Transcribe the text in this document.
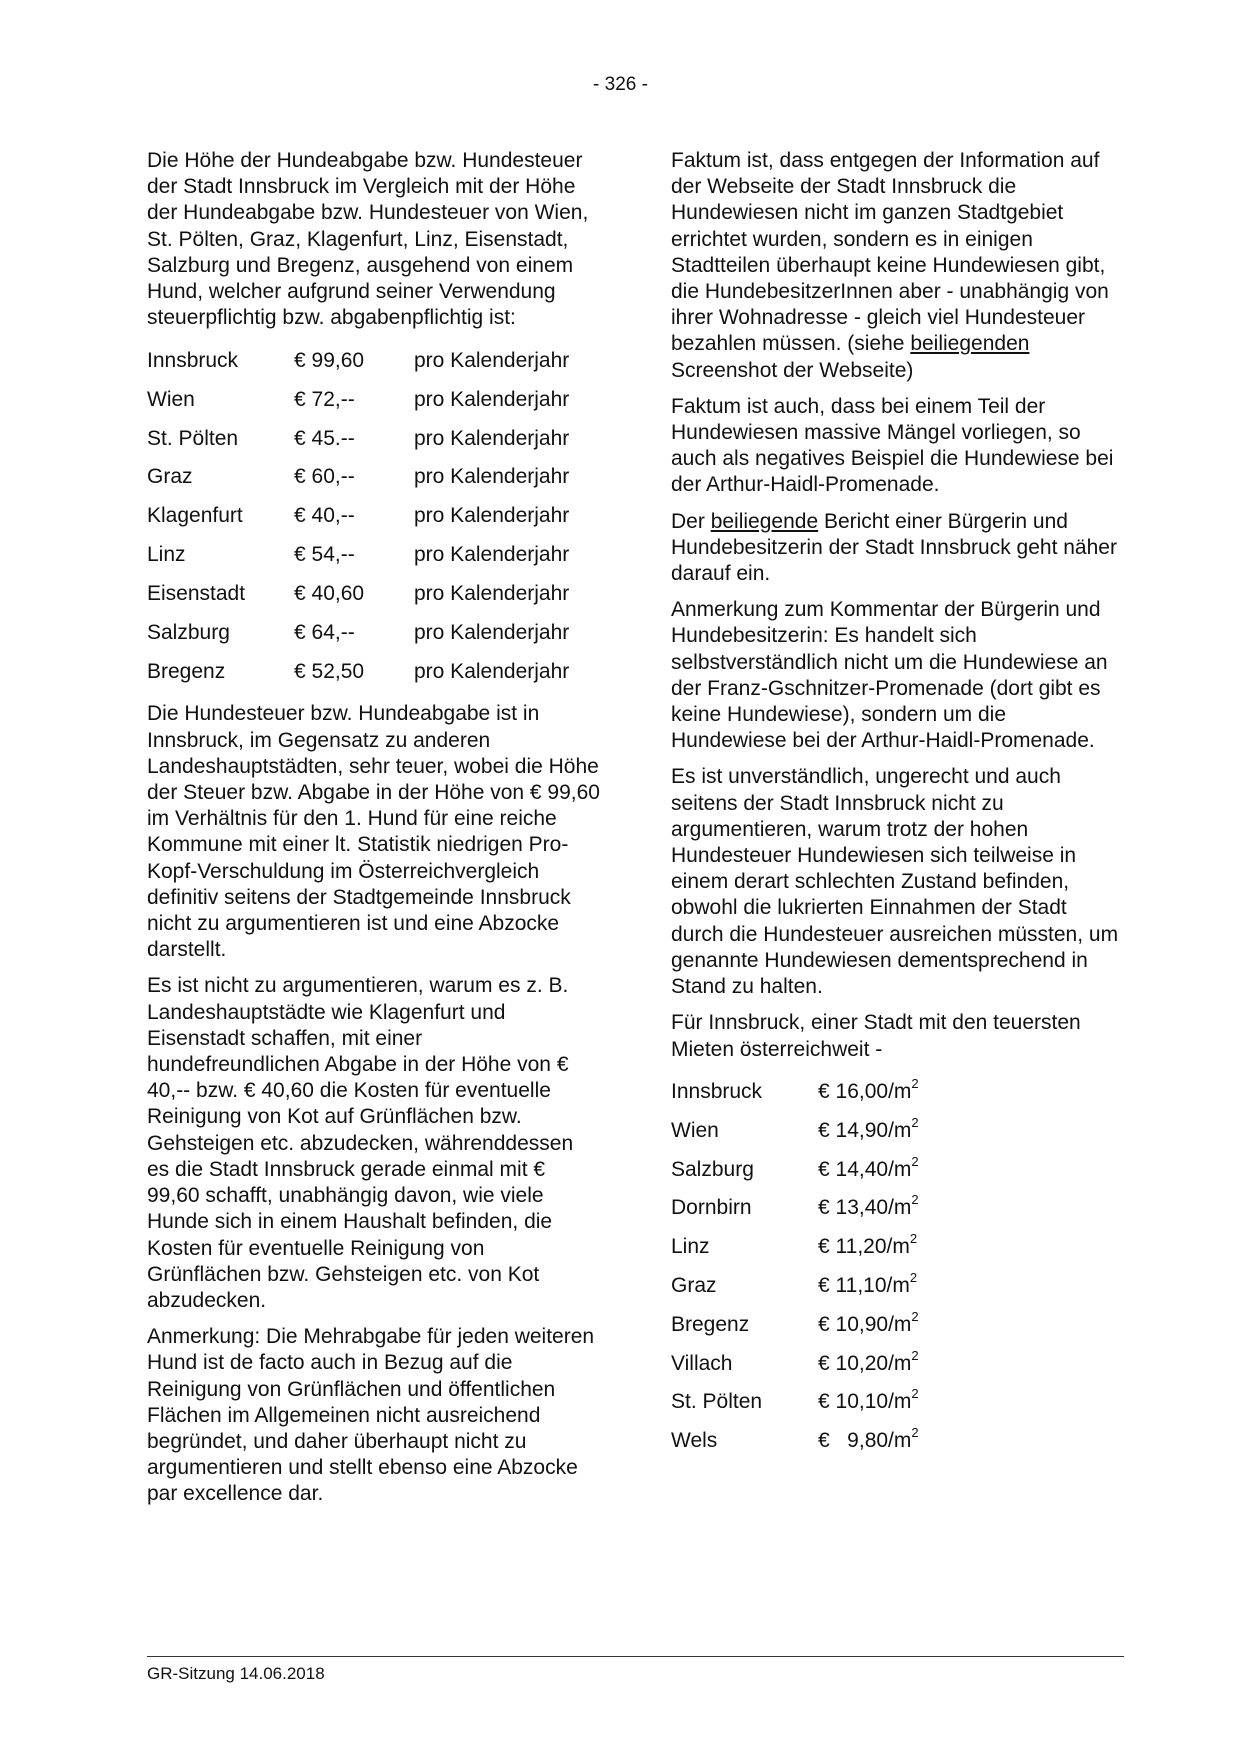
- 326 -

Die Höhe der Hundeabgabe bzw. Hundesteuer der Stadt Innsbruck im Vergleich mit der Höhe der Hundeabgabe bzw. Hundesteuer von Wien, St. Pölten, Graz, Klagenfurt, Linz, Eisenstadt, Salzburg und Bregenz, ausgehend von einem Hund, welcher aufgrund seiner Verwendung steuerpflichtig bzw. abgabenpflichtig ist:

Innsbruck	€ 99,60	pro Kalenderjahr
Wien	€ 72,--	pro Kalenderjahr
St. Pölten	€ 45.--	pro Kalenderjahr
Graz	€ 60,--	pro Kalenderjahr
Klagenfurt	€ 40,--	pro Kalenderjahr
Linz	€ 54,--	pro Kalenderjahr
Eisenstadt	€ 40,60	pro Kalenderjahr
Salzburg	€ 64,--	pro Kalenderjahr
Bregenz	€ 52,50	pro Kalenderjahr

Die Hundesteuer bzw. Hundeabgabe ist in Innsbruck, im Gegensatz zu anderen Landeshauptstädten, sehr teuer, wobei die Höhe der Steuer bzw. Abgabe in der Höhe von € 99,60 im Verhältnis für den 1. Hund für eine reiche Kommune mit einer lt. Statistik niedrigen Pro-Kopf-Verschuldung im Österreichvergleich definitiv seitens der Stadtgemeinde Innsbruck nicht zu argumentieren ist und eine Abzocke darstellt.

Es ist nicht zu argumentieren, warum es z. B. Landeshauptstädte wie Klagenfurt und Eisenstadt schaffen, mit einer hundefreundlichen Abgabe in der Höhe von € 40,-- bzw. € 40,60 die Kosten für eventuelle Reinigung von Kot auf Grünflächen bzw. Gehsteigen etc. abzudecken, währenddessen es die Stadt Innsbruck gerade einmal mit € 99,60 schafft, unabhängig davon, wie viele Hunde sich in einem Haushalt befinden, die Kosten für eventuelle Reinigung von Grünflächen bzw. Gehsteigen etc. von Kot abzudecken.

Anmerkung: Die Mehrabgabe für jeden weiteren Hund ist de facto auch in Bezug auf die Reinigung von Grünflächen und öffentlichen Flächen im Allgemeinen nicht ausreichend begründet, und daher überhaupt nicht zu argumentieren und stellt ebenso eine Abzocke par excellence dar.

Faktum ist, dass entgegen der Information auf der Webseite der Stadt Innsbruck die Hundewiesen nicht im ganzen Stadtgebiet errichtet wurden, sondern es in einigen Stadtteilen überhaupt keine Hundewiesen gibt, die HundebesitzerInnen aber - unabhängig von ihrer Wohnadresse - gleich viel Hundesteuer bezahlen müssen. (siehe beiliegenden Screenshot der Webseite)

Faktum ist auch, dass bei einem Teil der Hundewiesen massive Mängel vorliegen, so auch als negatives Beispiel die Hundewiese bei der Arthur-Haidl-Promenade.

Der beiliegende Bericht einer Bürgerin und Hundebesitzerin der Stadt Innsbruck geht näher darauf ein.

Anmerkung zum Kommentar der Bürgerin und Hundebesitzerin: Es handelt sich selbstverständlich nicht um die Hundewiese an der Franz-Gschnitzer-Promenade (dort gibt es keine Hundewiese), sondern um die Hundewiese bei der Arthur-Haidl-Promenade.

Es ist unverständlich, ungerecht und auch seitens der Stadt Innsbruck nicht zu argumentieren, warum trotz der hohen Hundesteuer Hundewiesen sich teilweise in einem derart schlechten Zustand befinden, obwohl die lukrierten Einnahmen der Stadt durch die Hundesteuer ausreichen müssten, um genannte Hundewiesen dementsprechend in Stand zu halten.

Für Innsbruck, einer Stadt mit den teuersten Mieten österreichweit -

Innsbruck	€ $16,00/m^2$
Wien	€ $14,90/m^2$
Salzburg	€ $14,40/m^2$
Dornbirn	€ $13,40/m^2$
Linz	€ $11,20/m^2$
Graz	€ $11,10/m^2$
Bregenz	€ $10,90/m^2$
Villach	€ $10,20/m^2$
St. Pölten	€ $10,10/m^2$
Wels	€   $9,80/m^2$
GR-Sitzung 14.06.2018
